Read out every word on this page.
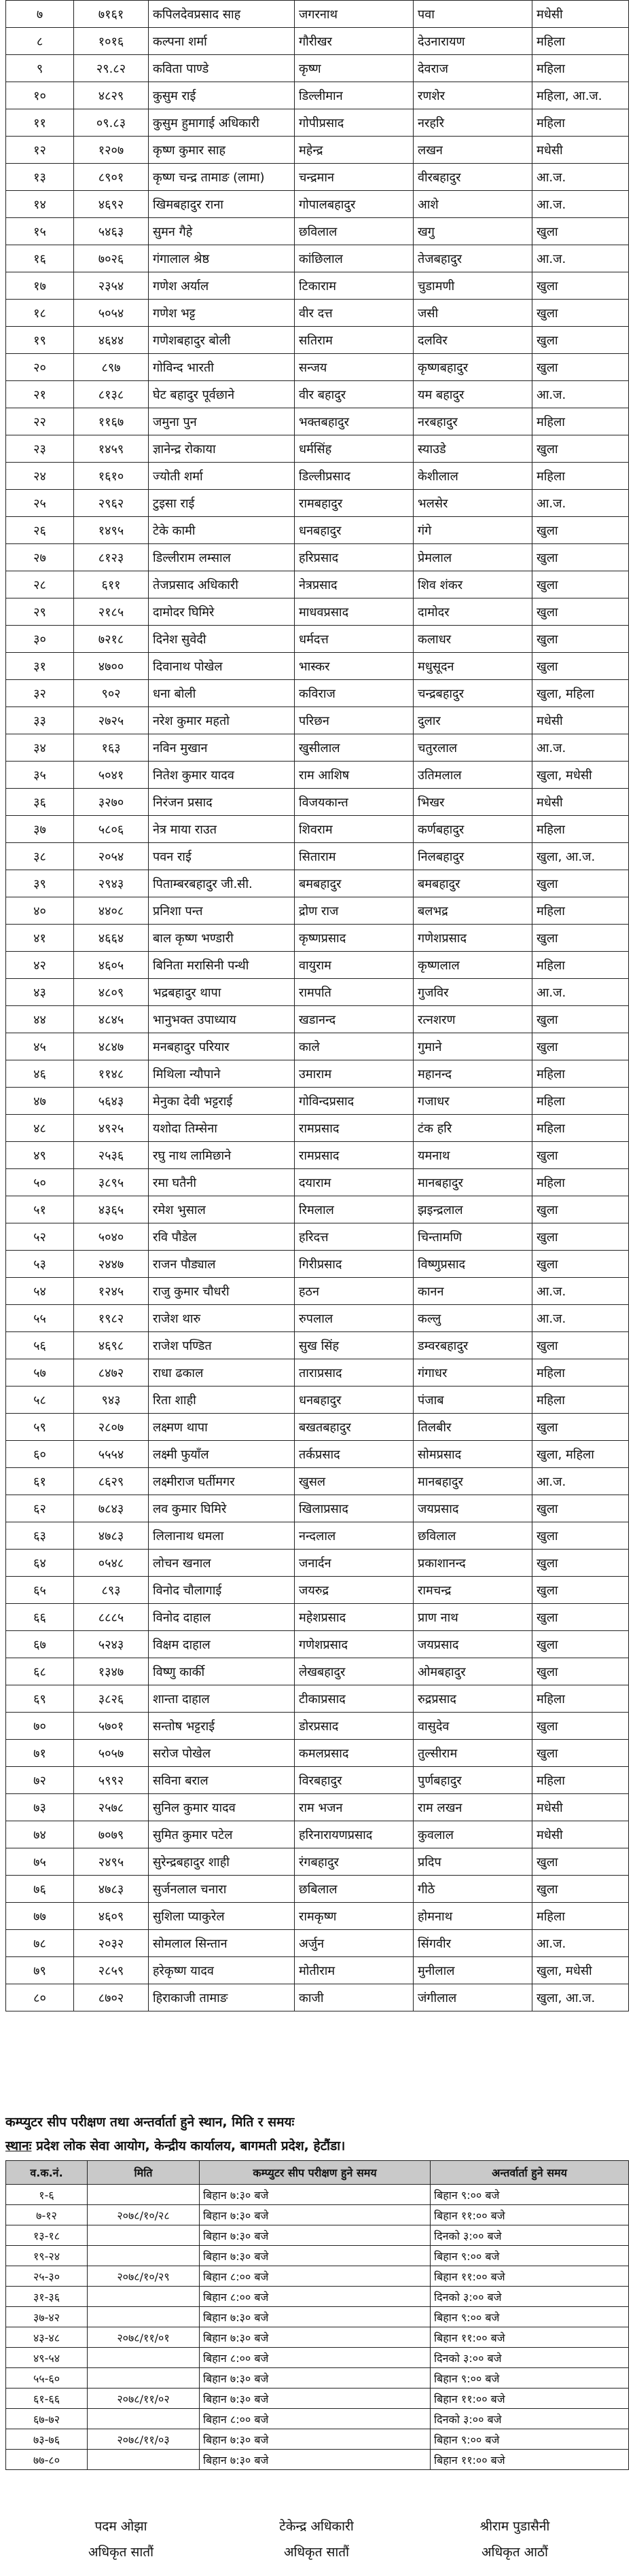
७	७१६१	कपिलदेवप्रसाद साह	जगरनाथ	पवा	मधेसी
८	१०१६	कल्पना शर्मा	गौरीखर	देउनारायण	महिला
९	२९.८२	कविता पाण्डे	कृष्ण	देवराज	महिला
१०	४८२९	कुसुम राई	डिल्लीमान	रणशेर	महिला, आ.ज.
११	०९.८३	कुसुम हुमागाई अधिकारी	गोपीप्रसाद	नरहरि	महिला
१२	१२०७	कृष्ण कुमार साह	महेन्द्र	लखन	मधेसी
१३	८९०१	कृष्ण चन्द्र तामाङ (लामा)	चन्द्रमान	वीरबहादुर	आ.ज.
१४	४६९२	खिमबहादुर राना	गोपालबहादुर	आशे	आ.ज.
१५	५४६३	सुमन गैहे	छविलाल	खगु	खुला
१६	७०२६	गंगालाल श्रेष्ठ	कांछिलाल	तेजबहादुर	आ.ज.
१७	२३५४	गणेश अर्याल	टिकाराम	चुडामणी	खुला
१८	५०५४	गणेश भट्ट	वीर दत्त	जसी	खुला
१९	४६४४	गणेशबहादुर बोली	सतिराम	दलविर	खुला
२०	८९७	गोविन्द भारती	सन्जय	कृष्णबहादुर	खुला
२१	८१३८	घेट बहादुर पूर्वछाने	वीर बहादुर	यम बहादुर	आ.ज.
२२	११६७	जमुना पुन	भक्तबहादुर	नरबहादुर	महिला
२३	१४५९	ज्ञानेन्द्र रोकाया	धर्मसिंह	स्याउडे	खुला
२४	१६१०	ज्योती शर्मा	डिल्लीप्रसाद	केशीलाल	महिला
२५	२९६२	टुइसा राई	रामबहादुर	भलसेर	आ.ज.
२६	१४९५	टेके कामी	धनबहादुर	गंगे	खुला
२७	८१२३	डिल्लीराम लम्साल	हरिप्रसाद	प्रेमलाल	खुला
२८	६११	तेजप्रसाद अधिकारी	नेत्रप्रसाद	शिव शंकर	खुला
२९	२१८५	दामोदर घिमिरे	माधवप्रसाद	दामोदर	खुला
३०	७२१८	दिनेश सुवेदी	धर्मदत्त	कलाधर	खुला
३१	४७००	दिवानाथ पोखेल	भास्कर	मधुसूदन	खुला
३२	९०२	धना बोली	कविराज	चन्द्रबहादुर	खुला, महिला
३३	२७२५	नरेश कुमार महतो	परिछन	दुलार	मधेसी
३४	१६३	नविन मुखान	खुसीलाल	चतुरलाल	आ.ज.
३५	५०४१	नितेश कुमार यादव	राम आशिष	उतिमलाल	खुला, मधेसी
३६	३२७०	निरंजन प्रसाद	विजयकान्त	भिखर	मधेसी
३७	५८०६	नेत्र माया राउत	शिवराम	कर्णबहादुर	महिला
३८	२०५४	पवन राई	सिताराम	निलबहादुर	खुला, आ.ज.
३९	२९४३	पिताम्बरबहादुर जी.सी.	बमबहादुर	बमबहादुर	खुला
४०	४४०८	प्रनिशा पन्त	द्रोण राज	बलभद्र	महिला
४१	४६६४	बाल कृष्ण भण्डारी	कृष्णप्रसाद	गणेशप्रसाद	खुला
४२	४६०५	बिनिता मरासिनी पन्थी	वायुराम	कृष्णलाल	महिला
४३	४८०९	भद्रबहादुर थापा	रामपति	गुजविर	आ.ज.
४४	४८४५	भानुभक्त उपाध्याय	खडानन्द	रत्नशरण	खुला
४५	४८४७	मनबहादुर परियार	काले	गुमाने	खुला
४६	११४८	मिथिला न्यौपाने	उमाराम	महानन्द	महिला
४७	५६४३	मेनुका देवी भट्टराई	गोविन्दप्रसाद	गजाधर	महिला
४८	४९२५	यशोदा तिम्सेना	रामप्रसाद	टंक हरि	महिला
४९	२५३६	रघु नाथ लामिछाने	रामप्रसाद	यमनाथ	खुला
५०	३८९५	रमा घतैनी	दयाराम	मानबहादुर	महिला
५१	४३६५	रमेश भुसाल	रिमलाल	झइन्द्रलाल	खुला
५२	५०४०	रवि पौडेल	हरिदत्त	चिन्तामणि	खुला
५३	२४४७	राजन पौड्याल	गिरीप्रसाद	विष्णुप्रसाद	खुला
५४	१२४५	राजु कुमार चौधरी	हठन	कानन	आ.ज.
५५	१९८२	राजेश थारु	रुपलाल	कल्लु	आ.ज.
५६	४६९८	राजेश पण्डित	सुख सिंह	डम्वरबहादुर	खुला
५७	८४७२	राधा ढकाल	ताराप्रसाद	गंगाधर	महिला
५८	९४३	रिता शाही	धनबहादुर	पंजाब	महिला
५९	२८०७	लक्ष्मण थापा	बखतबहादुर	तिलबीर	खुला
६०	५५५४	लक्ष्मी फुयाँल	तर्कप्रसाद	सोमप्रसाद	खुला, महिला
६१	८६२९	लक्ष्मीराज घर्तीमगर	खुसल	मानबहादुर	आ.ज.
६२	७८४३	लव कुमार घिमिरे	खिलाप्रसाद	जयप्रसाद	खुला
६३	४७८३	लिलानाथ धमला	नन्दलाल	छविलाल	खुला
६४	०५४८	लोचन खनाल	जनार्दन	प्रकाशानन्द	खुला
६५	८९३	विनोद चौलागाई	जयरुद्र	रामचन्द्र	खुला
६६	८८८५	विनोद दाहाल	महेशप्रसाद	प्राण नाथ	खुला
६७	५२४३	विक्षम दाहाल	गणेशप्रसाद	जयप्रसाद	खुला
६८	१३४७	विष्णु कार्की	लेखबहादुर	ओमबहादुर	खुला
६९	३८२६	शान्ता दाहाल	टीकाप्रसाद	रुद्रप्रसाद	महिला
७०	५७०१	सन्तोष भट्टराई	डोरप्रसाद	वासुदेव	खुला
७१	५०५७	सरोज पोखेल	कमलप्रसाद	तुल्सीराम	खुला
७२	५९९२	सविना बराल	विरबहादुर	पुर्णबहादुर	महिला
७३	२५७८	सुनिल कुमार यादव	राम भजन	राम लखन	मधेसी
७४	७०७९	सुमित कुमार पटेल	हरिनारायणप्रसाद	कुवलाल	मधेसी
७५	२४९५	सुरेन्द्रबहादुर शाही	रंगबहादुर	प्रदिप	खुला
७६	४७८३	सुर्जनलाल चनारा	छबिलाल	गीठे	खुला
७७	४६०९	सुशिला प्याकुरेल	रामकृष्ण	होमनाथ	महिला
७८	२०३२	सोमलाल सिन्तान	अर्जुन	सिंगवीर	आ.ज.
७९	२८५९	हरेकृष्ण यादव	मोतीराम	मुनीलाल	खुला, मधेसी
८०	८७०२	हिराकाजी तामाङ	काजी	जंगीलाल	खुला, आ.ज.
कम्प्युटर सीप परीक्षण तथा अन्तर्वार्ता हुने स्थान, मिति र समयः
स्थानः प्रदेश लोक सेवा आयोग, केन्द्रीय कार्यालय, बागमती प्रदेश, हेटौंडा।
व.क.नं.	मिति	कम्प्युटर सीप परीक्षण हुने समय	अन्तर्वार्ता हुने समय
१-६		बिहान ७:३० बजे	बिहान ९:०० बजे
७-१२	२०७८/१०/२८	बिहान ७:३० बजे	बिहान ११:०० बजे
१३-१८		बिहान ७:३० बजे	दिनको ३:०० बजे
१९-२४		बिहान ७:३० बजे	बिहान ९:०० बजे
२५-३०	२०७८/१०/२९	बिहान ८:०० बजे	बिहान ११:०० बजे
३१-३६		बिहान ८:०० बजे	दिनको ३:०० बजे
३७-४२		बिहान ७:३० बजे	बिहान ९:०० बजे
४३-४८	२०७८/११/०१	बिहान ७:३० बजे	बिहान ११:०० बजे
४९-५४		बिहान ८:०० बजे	दिनको ३:०० बजे
५५-६०		बिहान ७:३० बजे	बिहान ९:०० बजे
६१-६६	२०७८/११/०२	बिहान ७:३० बजे	बिहान ११:०० बजे
६७-७२		बिहान ८:०० बजे	दिनको ३:०० बजे
७३-७६	२०७८/११/०३	बिहान ७:३० बजे	बिहान ९:०० बजे
७७-८०		बिहान ७:३० बजे	बिहान ११:०० बजे
पदम ओझा
अधिकृत सातौं
टेकेन्द्र अधिकारी
अधिकृत सातौं
श्रीराम पुडासैनी
अधिकृत आठौं
